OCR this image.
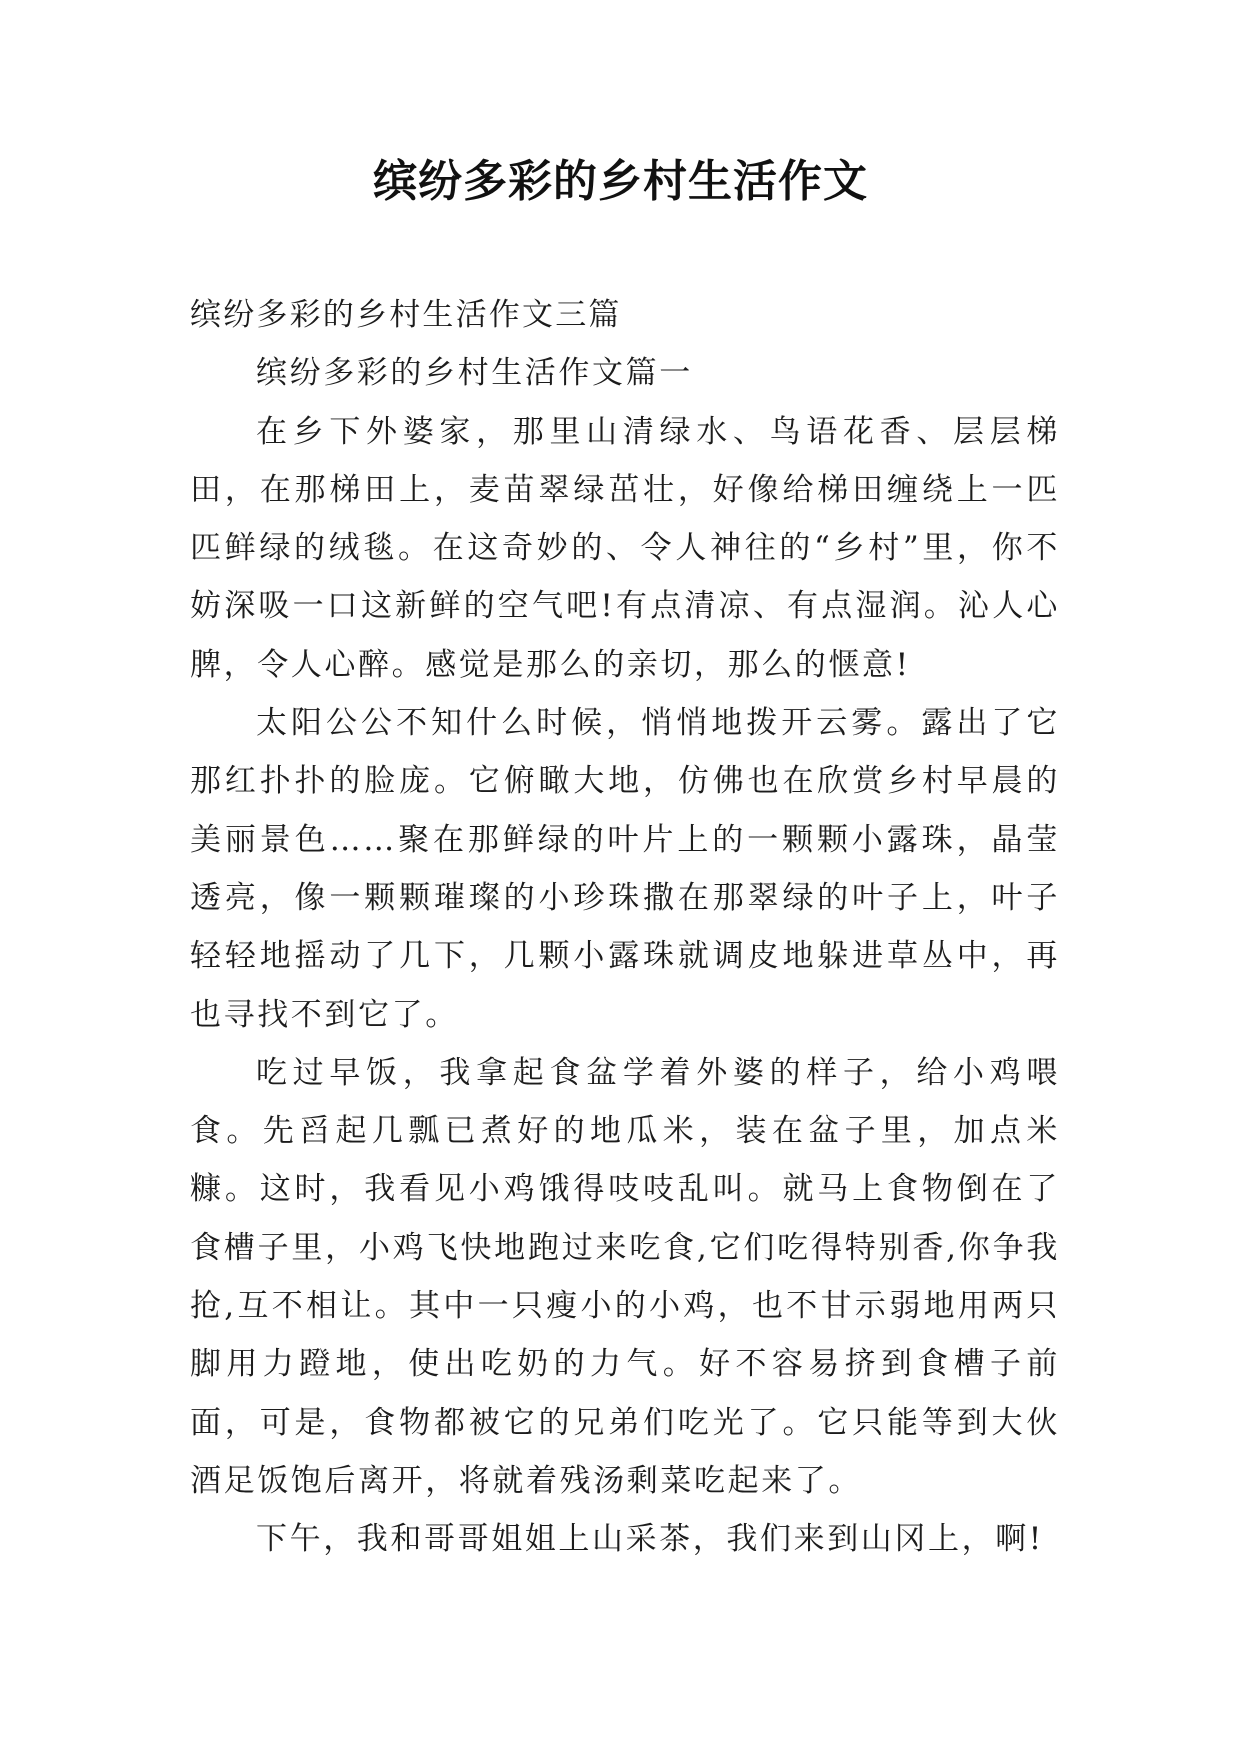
缤纷多彩的乡村生活作文

缤纷多彩的乡村生活作文三篇

缤纷多彩的乡村生活作文篇一

在乡下外婆家，那里山清绿水、鸟语花香、层层梯田，在那梯田上，麦苗翠绿茁壮，好像给梯田缠绕上一匹匹鲜绿的绒毯。在这奇妙的、令人神往的“乡村”里，你不妨深吸一口这新鲜的空气吧!有点清凉、有点湿润。沁人心脾，令人心醉。感觉是那么的亲切，那么的惬意!

太阳公公不知什么时候，悄悄地拨开云雾。露出了它那红扑扑的脸庞。它俯瞰大地，仿佛也在欣赏乡村早晨的美丽景色……聚在那鲜绿的叶片上的一颗颗小露珠，晶莹透亮，像一颗颗璀璨的小珍珠撒在那翠绿的叶子上，叶子轻轻地摇动了几下，几颗小露珠就调皮地躲进草丛中，再也寻找不到它了。

吃过早饭，我拿起食盆学着外婆的样子，给小鸡喂食。先舀起几瓢已煮好的地瓜米，装在盆子里，加点米糠。这时，我看见小鸡饿得吱吱乱叫。就马上食物倒在了食槽子里，小鸡飞快地跑过来吃食,它们吃得特别香,你争我抢,互不相让。其中一只瘦小的小鸡，也不甘示弱地用两只脚用力蹬地，使出吃奶的力气。好不容易挤到食槽子前面，可是，食物都被它的兄弟们吃光了。它只能等到大伙酒足饭饱后离开，将就着残汤剩菜吃起来了。

下午，我和哥哥姐姐上山采茶，我们来到山冈上，啊!
